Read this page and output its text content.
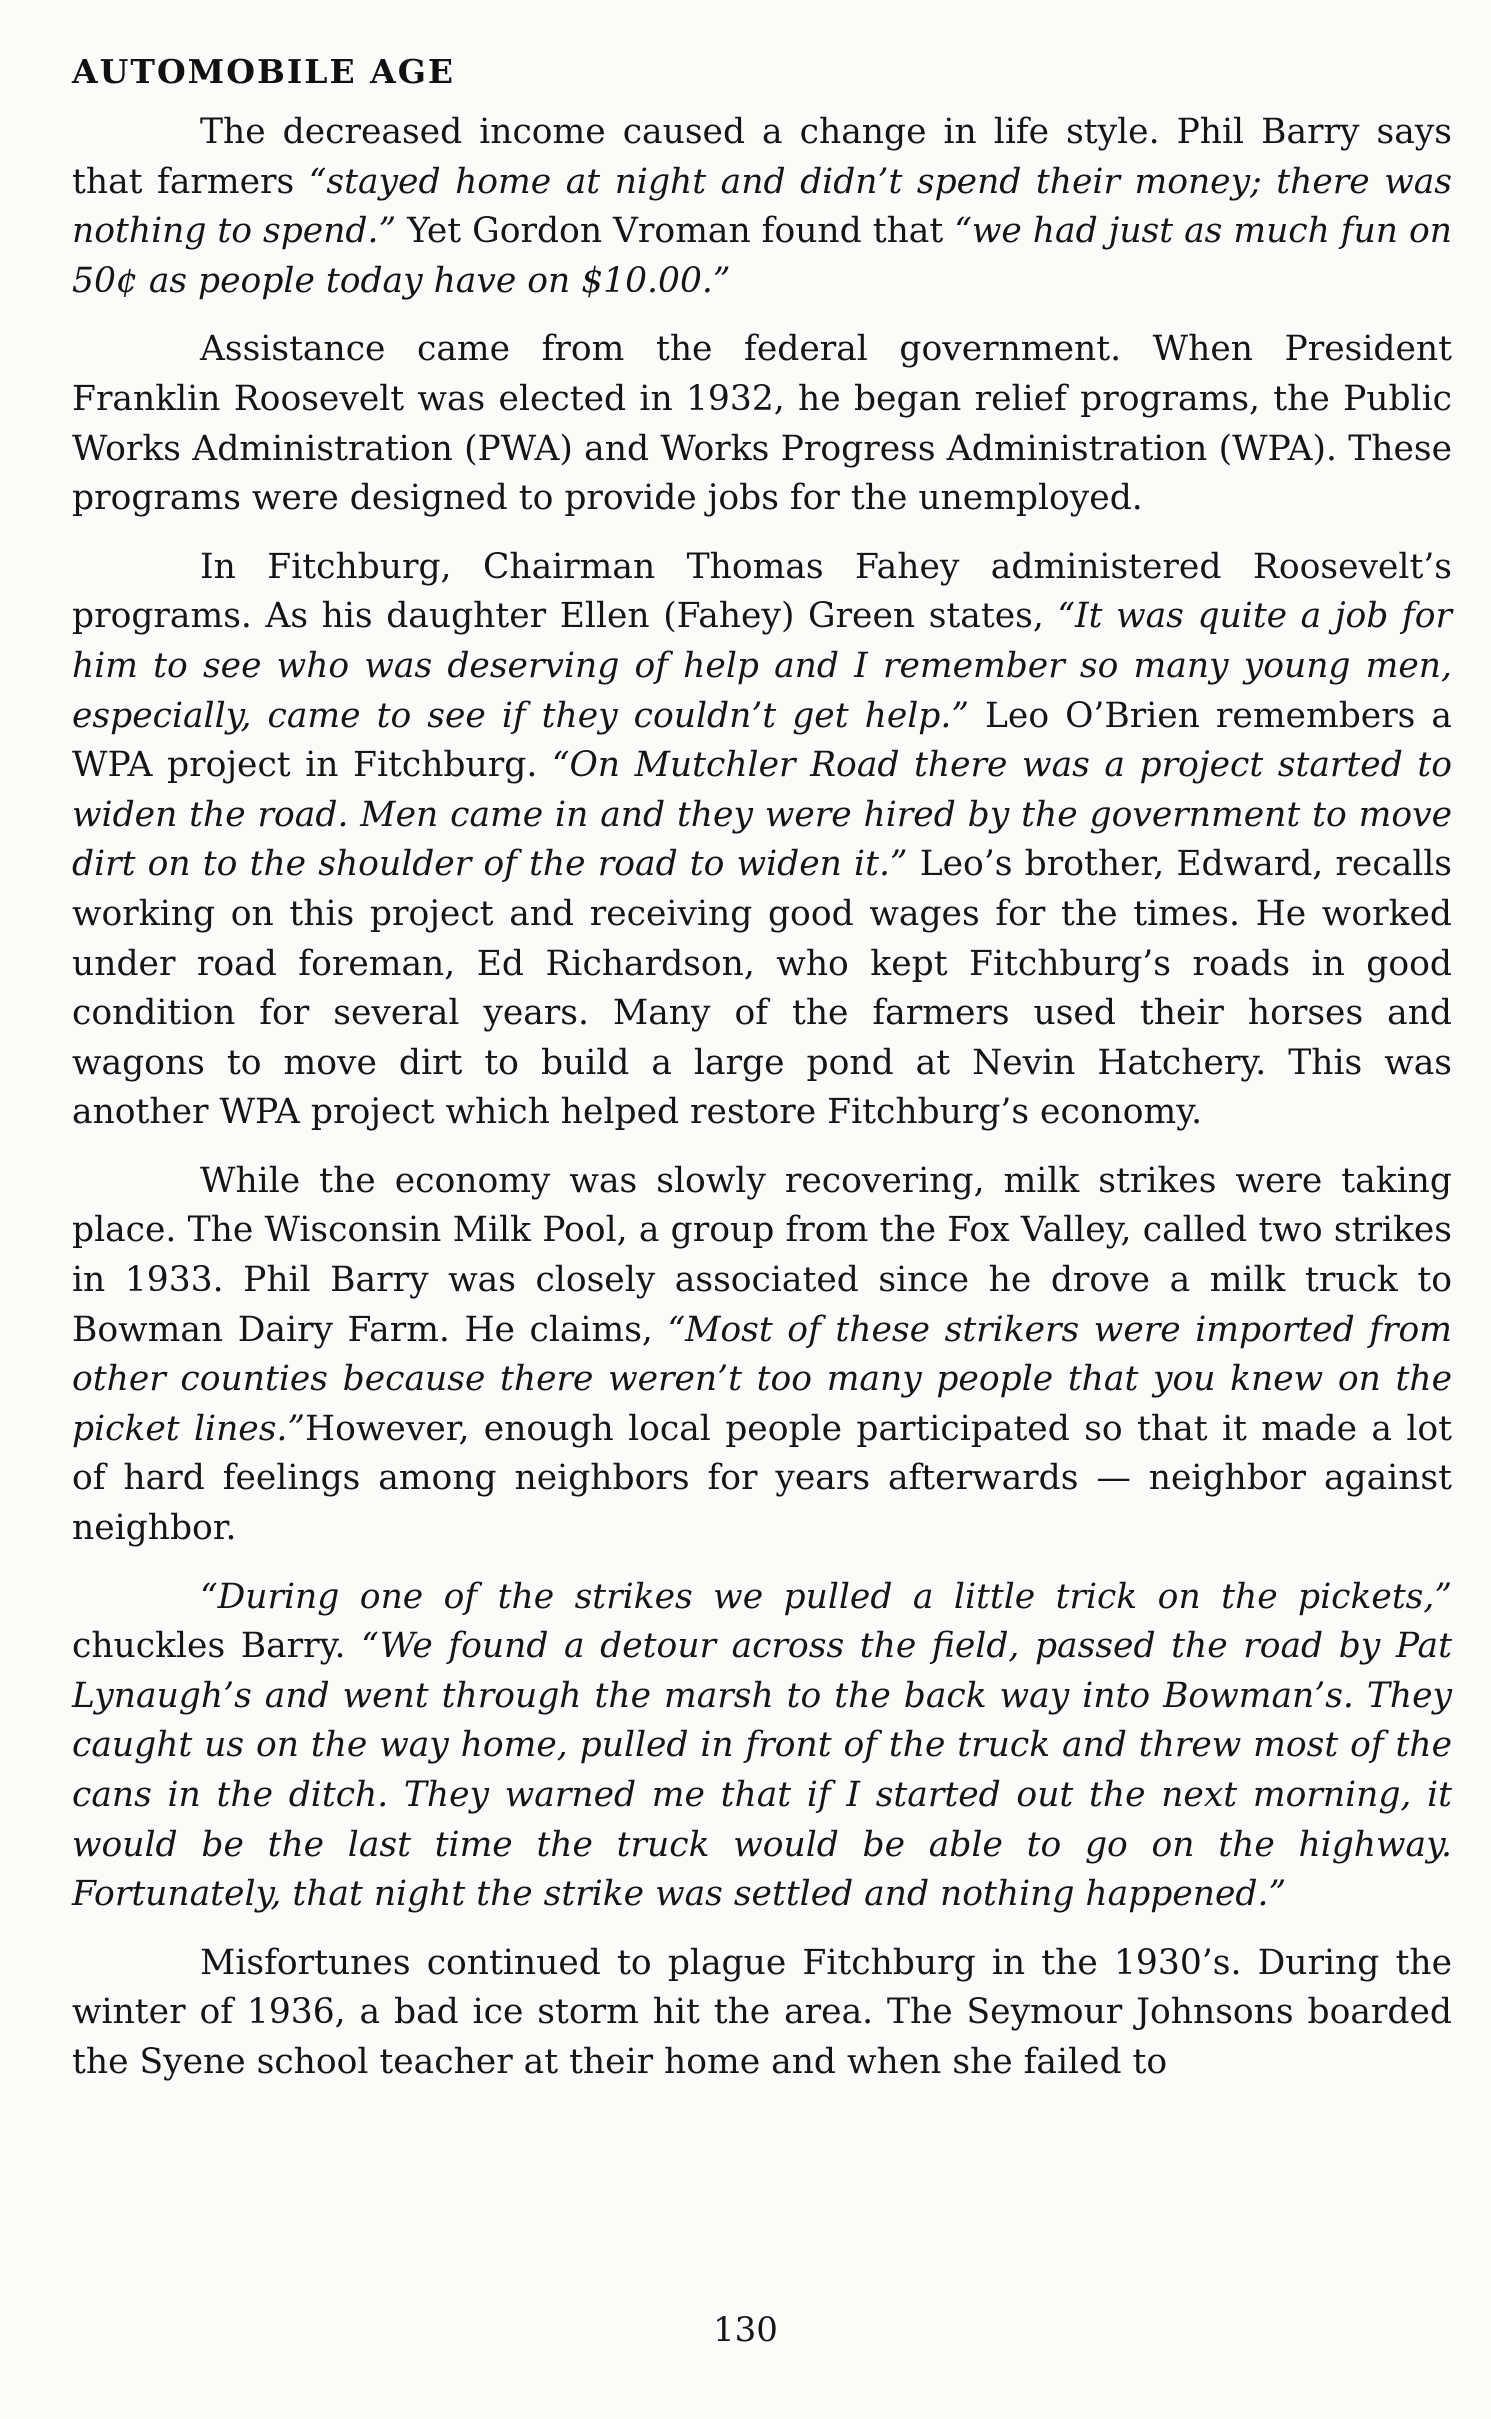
AUTOMOBILE AGE

The decreased income caused a change in life style. Phil Barry says that farmers “stayed home at night and didn’t spend their money; there was nothing to spend.” Yet Gordon Vroman found that “we had just as much fun on 50¢ as people today have on $10.00.”

Assistance came from the federal government. When President Franklin Roosevelt was elected in 1932, he began relief programs, the Public Works Administration (PWA) and Works Progress Administration (WPA). These programs were designed to provide jobs for the unemployed.

In Fitchburg, Chairman Thomas Fahey administered Roosevelt’s programs. As his daughter Ellen (Fahey) Green states, “It was quite a job for him to see who was deserving of help and I remember so many young men, especially, came to see if they couldn’t get help.” Leo O’Brien remembers a WPA project in Fitchburg. “On Mutchler Road there was a project started to widen the road. Men came in and they were hired by the government to move dirt on to the shoulder of the road to widen it.” Leo’s brother, Edward, recalls working on this project and receiving good wages for the times. He worked under road foreman, Ed Richardson, who kept Fitchburg’s roads in good condition for several years. Many of the farmers used their horses and wagons to move dirt to build a large pond at Nevin Hatchery. This was another WPA project which helped restore Fitchburg’s economy.

While the economy was slowly recovering, milk strikes were taking place. The Wisconsin Milk Pool, a group from the Fox Valley, called two strikes in 1933. Phil Barry was closely associated since he drove a milk truck to Bowman Dairy Farm. He claims, “Most of these strikers were imported from other counties because there weren’t too many people that you knew on the picket lines.”However, enough local people participated so that it made a lot of hard feelings among neighbors for years afterwards — neighbor against neighbor.

“During one of the strikes we pulled a little trick on the pickets,” chuckles Barry. “We found a detour across the field, passed the road by Pat Lynaugh’s and went through the marsh to the back way into Bowman’s. They caught us on the way home, pulled in front of the truck and threw most of the cans in the ditch. They warned me that if I started out the next morning, it would be the last time the truck would be able to go on the highway. Fortunately, that night the strike was settled and nothing happened.”

Misfortunes continued to plague Fitchburg in the 1930’s. During the winter of 1936, a bad ice storm hit the area. The Seymour Johnsons boarded the Syene school teacher at their home and when she failed to

130
